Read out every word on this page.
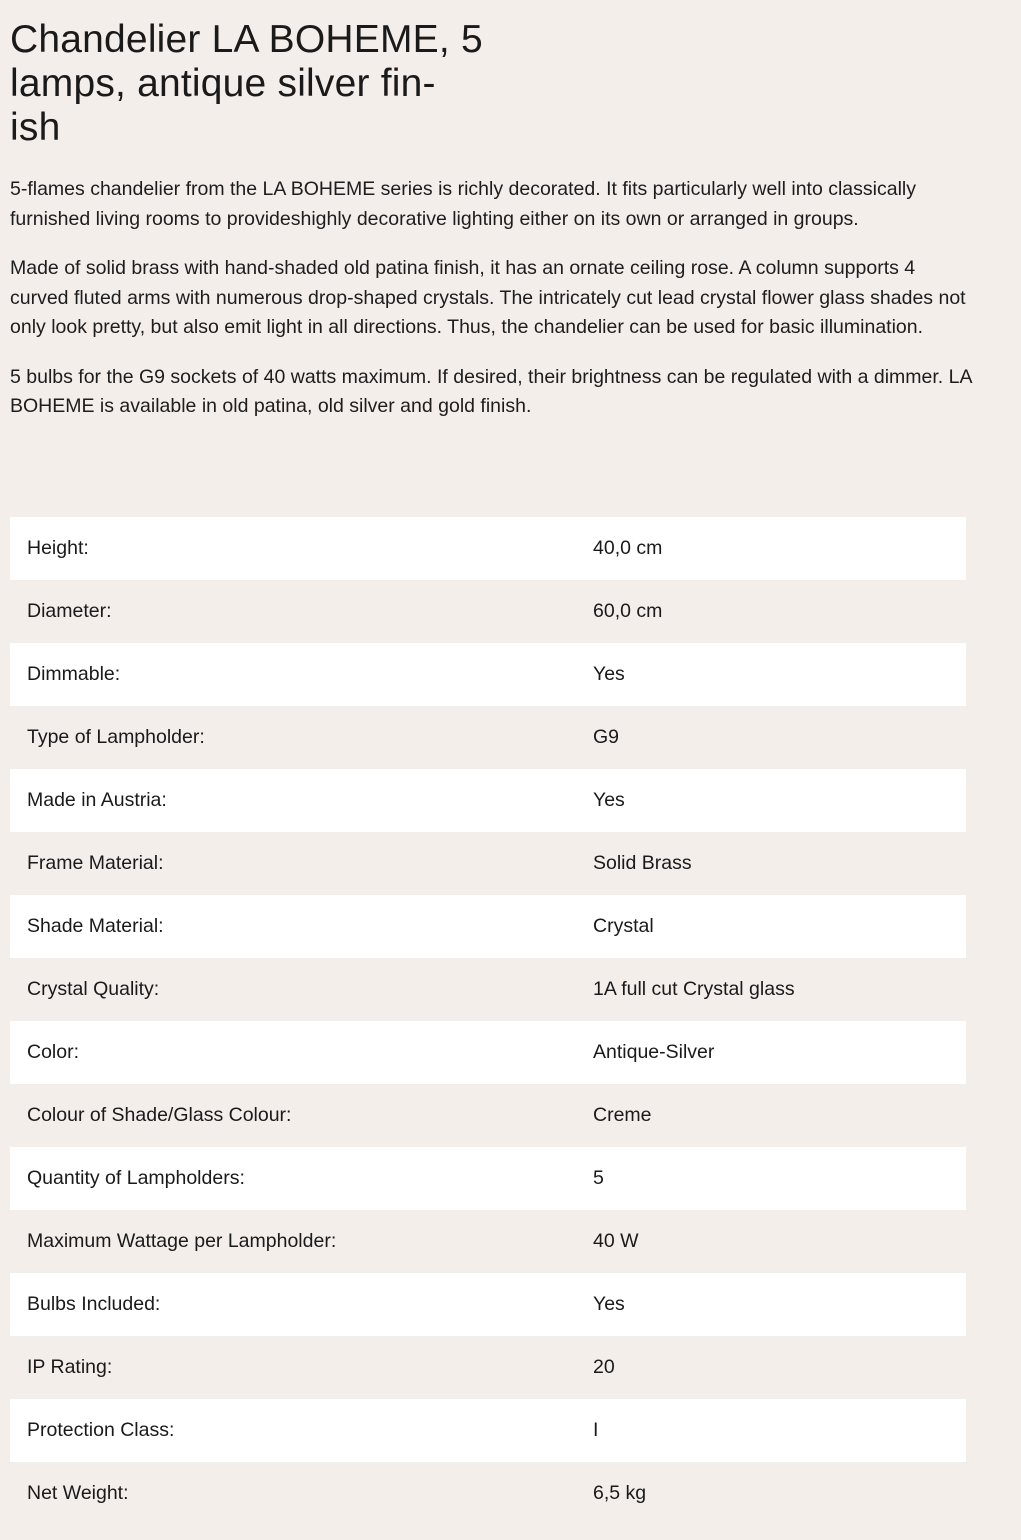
Chandelier LA BOHEME, 5
lamps, antique silver fin-
ish

5-flames chandelier from the LA BOHEME series is richly decorated. It fits particularly well into classically furnished living rooms to provideshighly decorative lighting either on its own or arranged in groups.

Made of solid brass with hand-shaded old patina finish, it has an ornate ceiling rose. A column supports 4 curved fluted arms with numerous drop-shaped crystals. The intricately cut lead crystal flower glass shades not only look pretty, but also emit light in all directions. Thus, the chandelier can be used for basic illumination.

5 bulbs for the G9 sockets of 40 watts maximum. If desired, their brightness can be regulated with a dimmer. LA BOHEME is available in old patina, old silver and gold finish.

Height:	40,0 cm
Diameter:	60,0 cm
Dimmable:	Yes
Type of Lampholder:	G9
Made in Austria:	Yes
Frame Material:	Solid Brass
Shade Material:	Crystal
Crystal Quality:	1A full cut Crystal glass
Color:	Antique-Silver
Colour of Shade/Glass Colour:	Creme
Quantity of Lampholders:	5
Maximum Wattage per Lampholder:	40 W
Bulbs Included:	Yes
IP Rating:	20
Protection Class:	I
Net Weight:	6,5 kg
